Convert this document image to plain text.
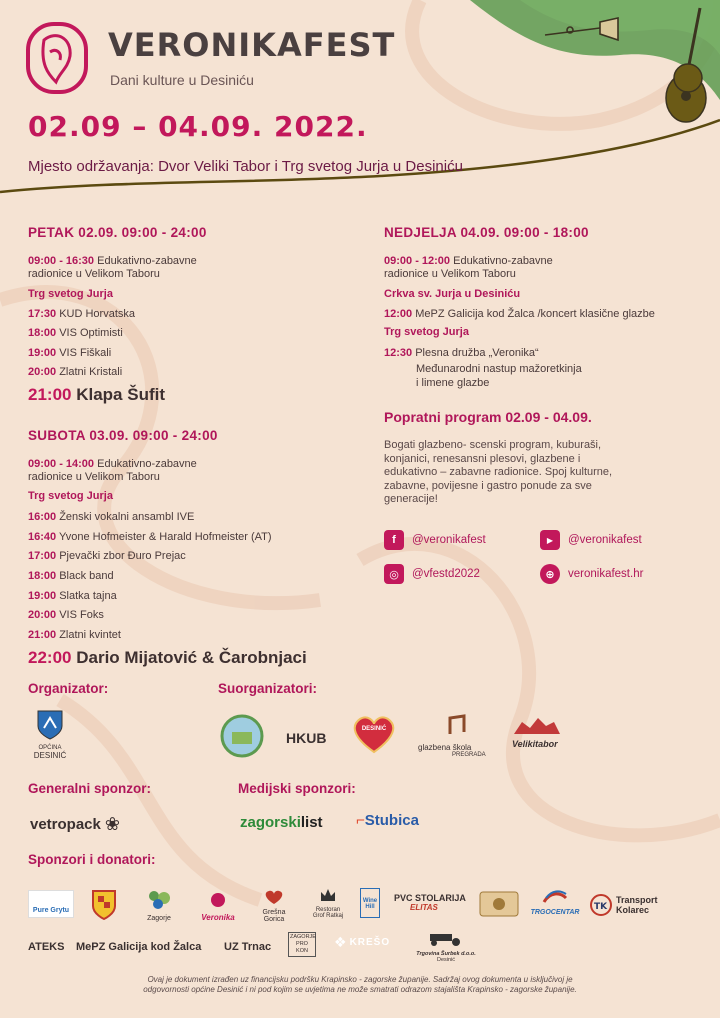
VERONIKAFEST
Dani kulture u Desiniću
02.09 – 04.09. 2022.
Mjesto održavanja: Dvor Veliki Tabor i Trg svetog Jurja u Desiniću
PETAK 02.09. 09:00 - 24:00
09:00 - 16:30 Edukativno-zabavne
radionice u Velikom Taboru
Trg svetog Jurja
17:30 KUD Horvatska
18:00 VIS Optimisti
19:00 VIS Fiškali
20:00 Zlatni Kristali
21:00 Klapa Šufit
SUBOTA 03.09. 09:00 - 24:00
09:00 - 14:00 Edukativno-zabavne
radionice u Velikom Taboru
Trg svetog Jurja
16:00 Ženski vokalni ansambl IVE
16:40 Yvone Hofmeister & Harald Hofmeister (AT)
17:00 Pjevački zbor Đuro Prejac
18:00 Black band
19:00 Slatka tajna
20:00 VIS Foks
21:00 Zlatni kvintet
22:00 Dario Mijatović & Čarobnjaci
NEDJELJA 04.09. 09:00 - 18:00
09:00 - 12:00 Edukativno-zabavne
radionice u Velikom Taboru
Crkva sv. Jurja u Desiniću
12:00 MePZ Galicija kod Žalca /koncert klasične glazbe
Trg svetog Jurja
12:30 Plesna družba „Veronika“
Međunarodni nastup mažoretkinja
i limene glazbe
Popratni program 02.09 - 04.09.
Bogati glazbeno- scenski program, kuburaši,
konjanici, renesansni plesovi, glazbene i
edukativno – zabavne radionice. Spoj kulturne,
zabavne, povijesne i gastro ponude za sve
generacije!
f	@veronikafest	▶	@veronikafest
◎	@vfestd2022	⊕	veronikafest.hr
Organizator:	Suorganizatori:
OPĆINA
DESINIĆ
HKUB
DESINIĆ
glazbena škola
PREGRADA
Velikitabor
Generalni sponzor:	Medijski sponzori:
vetropack ❀	zagorskilist ⌐Stubica
Sponzori i donatori:
Pure Grytu
Zagorje	Veronika
Grešna
Gorica
Restoran
Grof Ratkaj
Wine Hill
PVC STOLARIJA
ELITAS
TRGOCENTAR
TK
Transport
Kolarec
ATEKS MePZ Galicija kod Žalca UZ Trnac
ZAGORJE
PRO
KON
❖ KREŠO
Trgovina Šurbek d.o.o.
Desinić
Ovaj je dokument izrađen uz financijsku podršku Krapinsko - zagorske županije. Sadržaj ovog dokumenta u isključivoj je
odgovornosti općine Desinić i ni pod kojim se uvjetima ne može smatrati odrazom stajališta Krapinsko - zagorske županije.
